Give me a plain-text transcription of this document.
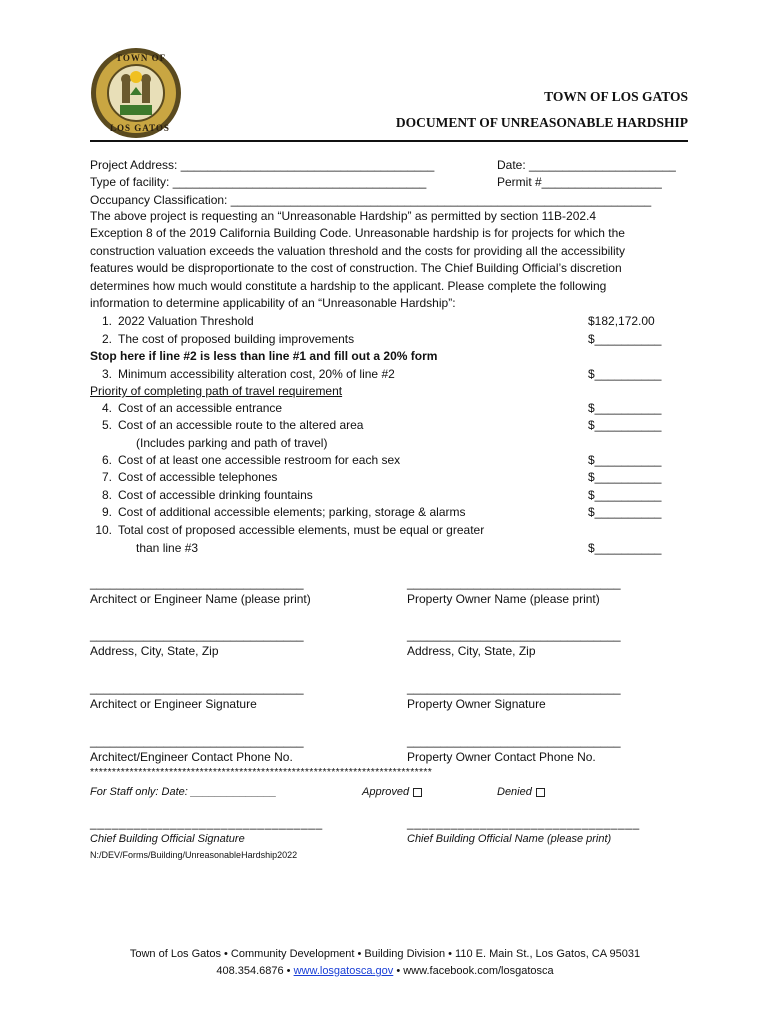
TOWN OF
LOS GATOS
TOWN OF LOS GATOS
DOCUMENT OF UNREASONABLE HARDSHIP
Project Address: ______________________________________	Date: ______________________
Type of facility: ______________________________________	Permit #__________________
Occupancy Classification: _______________________________________________________________
The above project is requesting an “Unreasonable Hardship” as permitted by section 11B-202.4
Exception 8 of the 2019 California Building Code. Unreasonable hardship is for projects for which the
construction valuation exceeds the valuation threshold and the costs for providing all the accessibility
features would be disproportionate to the cost of construction. The Chief Building Official’s discretion
determines how much would constitute a hardship to the applicant. Please complete the following
information to determine applicability of an “Unreasonable Hardship”:
1. 2022 Valuation Threshold	$182,172.00
2. The cost of proposed building improvements	$__________
Stop here if line #2 is less than line #1 and fill out a 20% form
3. Minimum accessibility alteration cost, 20% of line #2	$__________
Priority of completing path of travel requirement
4. Cost of an accessible entrance	$__________
5. Cost of an accessible route to the altered area	$__________
(Includes parking and path of travel)
6. Cost of at least one accessible restroom for each sex	$__________
7. Cost of accessible telephones	$__________
8. Cost of accessible drinking fountains	$__________
9. Cost of additional accessible elements; parking, storage & alarms	$__________
10. Total cost of proposed accessible elements, must be equal or greater
than line #3	$__________
________________________________	________________________________
Architect or Engineer Name (please print)	Property Owner Name (please print)
________________________________	________________________________
Address, City, State, Zip	Address, City, State, Zip
________________________________	________________________________
Architect or Engineer Signature	Property Owner Signature
________________________________	________________________________
Architect/Engineer Contact Phone No.	Property Owner Contact Phone No.
******************************************************************************
For Staff only: Date: ______________	Approved	Denied
________________________________	________________________________
Chief Building Official Signature	Chief Building Official Name (please print)
N:/DEV/Forms/Building/UnreasonableHardship2022
Town of Los Gatos • Community Development • Building Division • 110 E. Main St., Los Gatos, CA 95031
408.354.6876 • www.losgatosca.gov • www.facebook.com/losgatosca
